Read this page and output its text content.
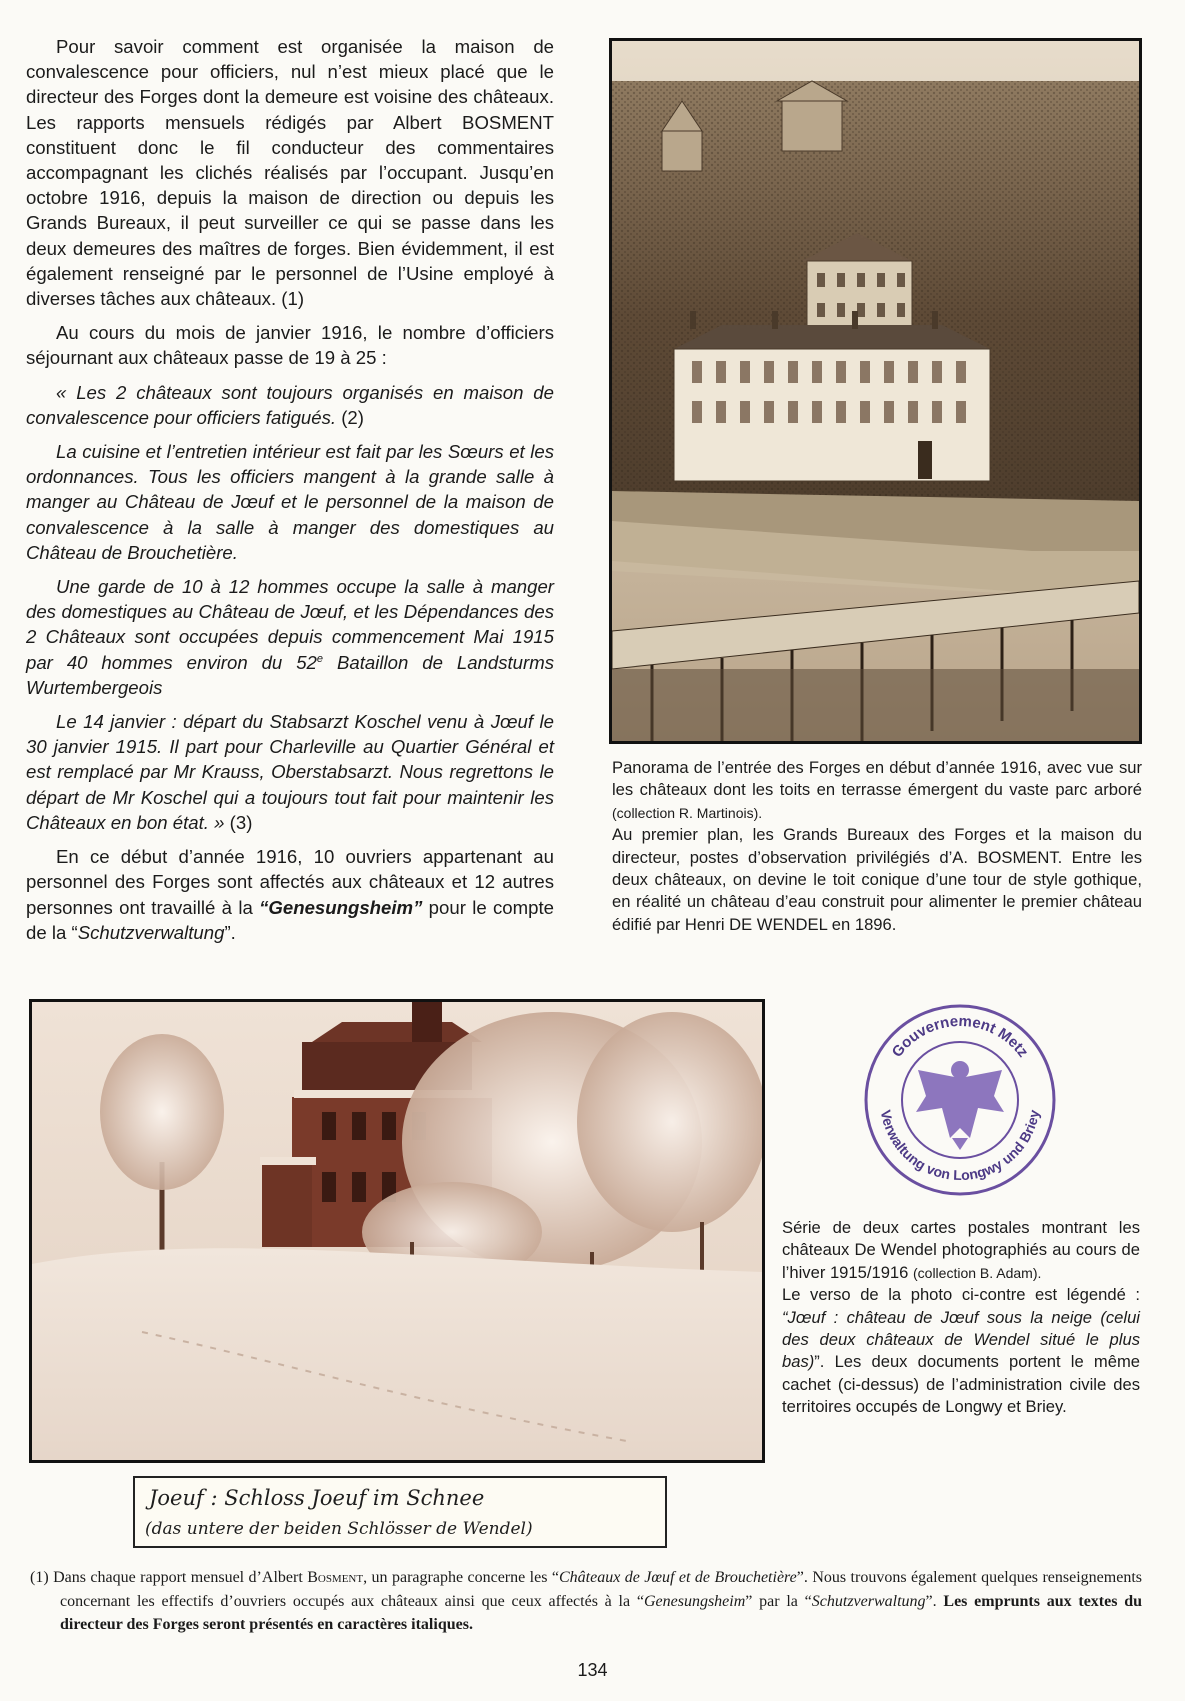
Pour savoir comment est organisée la maison de convalescence pour officiers, nul n’est mieux placé que le directeur des Forges dont la demeure est voisine des châteaux. Les rapports mensuels rédigés par Albert BOSMENT constituent donc le fil conducteur des commentaires accompagnant les clichés réalisés par l’occupant. Jusqu’en octobre 1916, depuis la maison de direction ou depuis les Grands Bureaux, il peut surveiller ce qui se passe dans les deux demeures des maîtres de forges. Bien évidemment, il est également renseigné par le personnel de l’Usine employé à diverses tâches aux châteaux. (1)

Au cours du mois de janvier 1916, le nombre d’officiers séjournant aux châteaux passe de 19 à 25 :

« Les 2 châteaux sont toujours organisés en maison de convalescence pour officiers fatigués. (2)

La cuisine et l’entretien intérieur est fait par les Sœurs et les ordonnances. Tous les officiers mangent à la grande salle à manger au Château de Jœuf et le personnel de la maison de convalescence à la salle à manger des domestiques au Château de Brouchetière.

Une garde de 10 à 12 hommes occupe la salle à manger des domestiques au Château de Jœuf, et les Dépendances des 2 Châteaux sont occupées depuis commencement Mai 1915 par 40 hommes environ du 52e Bataillon de Landsturms Wurtembergeois

Le 14 janvier : départ du Stabsarzt Koschel venu à Jœuf le 30 janvier 1915. Il part pour Charleville au Quartier Général et est remplacé par Mr Krauss, Oberstabsarzt. Nous regrettons le départ de Mr Koschel qui a toujours tout fait pour maintenir les Châteaux en bon état. » (3)

En ce début d’année 1916, 10 ouvriers appartenant au personnel des Forges sont affectés aux châteaux et 12 autres personnes ont travaillé à la “Genesungsheim” pour le compte de la “Schutzverwaltung”.

Panorama de l’entrée des Forges en début d’année 1916, avec vue sur les châteaux dont les toits en terrasse émergent du vaste parc arboré (collection R. Martinois).

Au premier plan, les Grands Bureaux des Forges et la maison du directeur, postes d’observation privilégiés d’A. BOSMENT. Entre les deux châteaux, on devine le toit conique d’une tour de style gothique, en réalité un château d’eau construit pour alimenter le premier château édifié par Henri DE WENDEL en 1896.

Gouvernement Metz
Verwaltung von Longwy und Briey
Joeuf : Schloss Joeuf im Schnee
(das untere der beiden Schlösser de Wendel)

Série de deux cartes postales montrant les châteaux De Wendel photographiés au cours de l’hiver 1915/1916 (collection B. Adam).

Le verso de la photo ci-contre est légendé : “Jœuf : château de Jœuf sous la neige (celui des deux châteaux de Wendel situé le plus bas)”. Les deux documents portent le même cachet (ci-dessus) de l’administration civile des territoires occupés de Longwy et Briey.

(1) Dans chaque rapport mensuel d’Albert Bosment, un paragraphe concerne les “Châteaux de Jœuf et de Brouchetière”. Nous trouvons également quelques renseignements concernant les effectifs d’ouvriers occupés aux châteaux ainsi que ceux affectés à la “Genesungsheim” par la “Schutzverwaltung”. Les emprunts aux textes du directeur des Forges seront présentés en caractères italiques.

134
